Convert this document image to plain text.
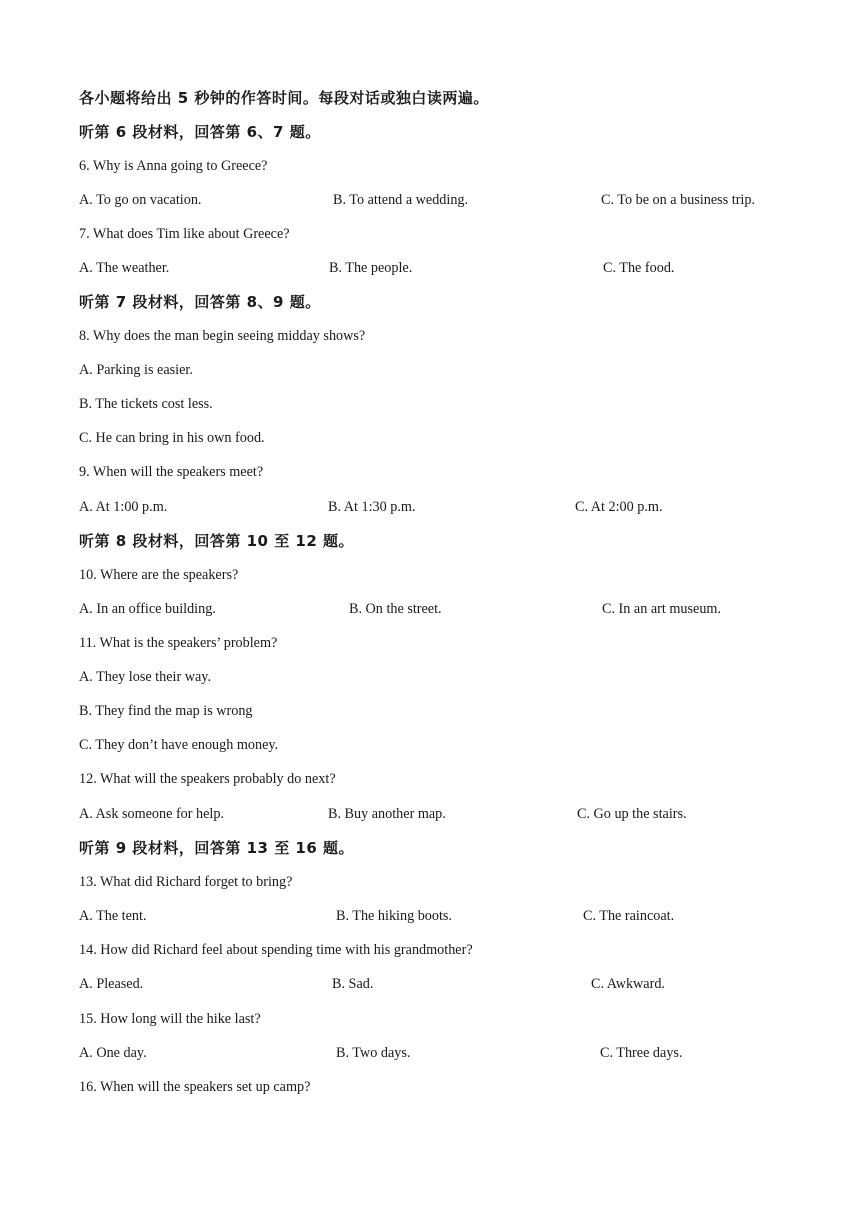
各小题将给出 5 秒钟的作答时间。每段对话或独白读两遍。
听第 6 段材料，回答第 6、7 题。
6. Why is Anna going to Greece?
A. To go on vacation.	B. To attend a wedding.	C. To be on a business trip.
7. What does Tim like about Greece?
A. The weather.	B. The people.	C. The food.
听第 7 段材料，回答第 8、9 题。
8. Why does the man begin seeing midday shows?
A. Parking is easier.
B. The tickets cost less.
C. He can bring in his own food.
9. When will the speakers meet?
A. At 1:00 p.m.	B. At 1:30 p.m.	C. At 2:00 p.m.
听第 8 段材料，回答第 10 至 12 题。
10. Where are the speakers?
A. In an office building.	B. On the street.	C. In an art museum.
11. What is the speakers’ problem?
A. They lose their way.
B. They find the map is wrong
C. They don’t have enough money.
12. What will the speakers probably do next?
A. Ask someone for help.	B. Buy another map.	C. Go up the stairs.
听第 9 段材料，回答第 13 至 16 题。
13. What did Richard forget to bring?
A. The tent.	B. The hiking boots.	C. The raincoat.
14. How did Richard feel about spending time with his grandmother?
A. Pleased.	B. Sad.	C. Awkward.
15. How long will the hike last?
A. One day.	B. Two days.	C. Three days.
16. When will the speakers set up camp?
